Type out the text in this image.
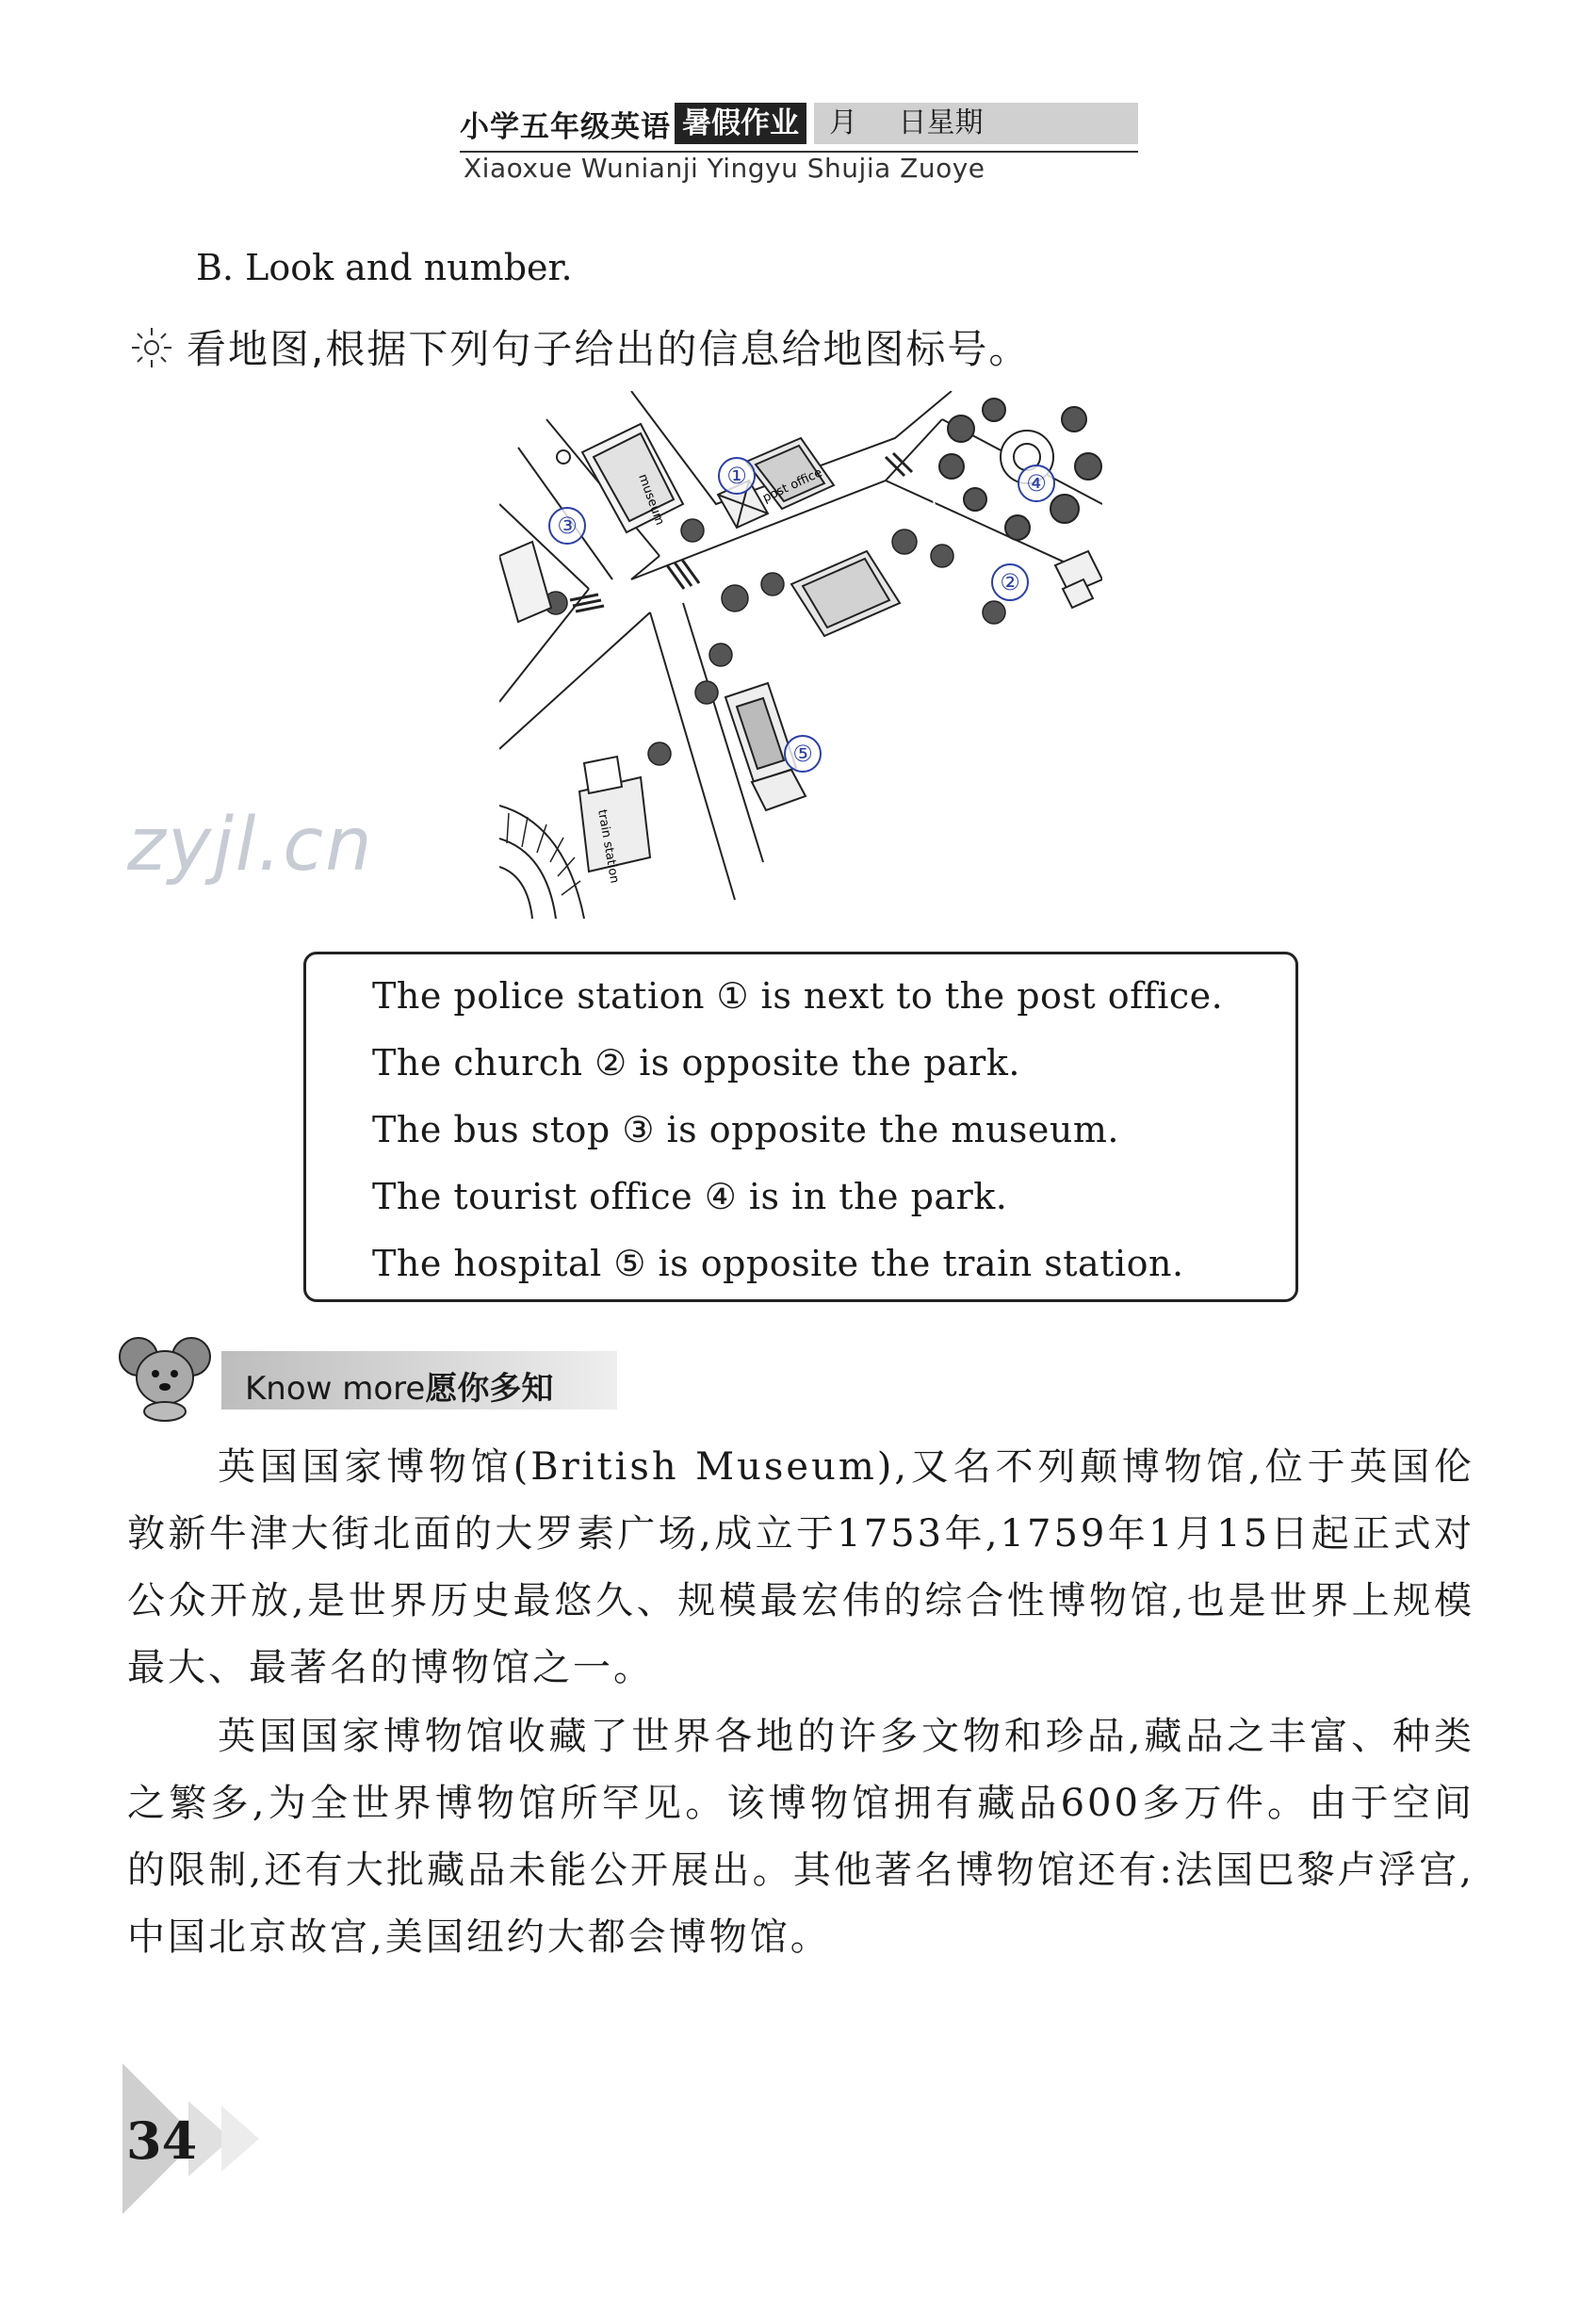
小学五年级英语 暑假作业	月 日星期
Xiaoxue Wunianji Yingyu Shujia Zuoye
B. Look and number.
看地图,根据下列句子给出的信息给地图标号。
museum	post office
train station
①
②
③
④
⑤
zyjl.cn
The police station ① is next to the post office.
The church ② is opposite the park.
The bus stop ③ is opposite the museum.
The tourist office ④ is in the park.
The hospital ⑤ is opposite the train station.
Know more愿你多知
英国国家博物馆(British Museum),又名不列颠博物馆,位于英国伦敦新牛津大街北面的大罗素广场,成立于1753年,1759年1月15日起正式对公众开放,是世界历史最悠久、规模最宏伟的综合性博物馆,也是世界上规模最大、最著名的博物馆之一。
英国国家博物馆收藏了世界各地的许多文物和珍品,藏品之丰富、种类之繁多,为全世界博物馆所罕见。该博物馆拥有藏品600多万件。由于空间的限制,还有大批藏品未能公开展出。其他著名博物馆还有:法国巴黎卢浮宫,中国北京故宫,美国纽约大都会博物馆。
34
